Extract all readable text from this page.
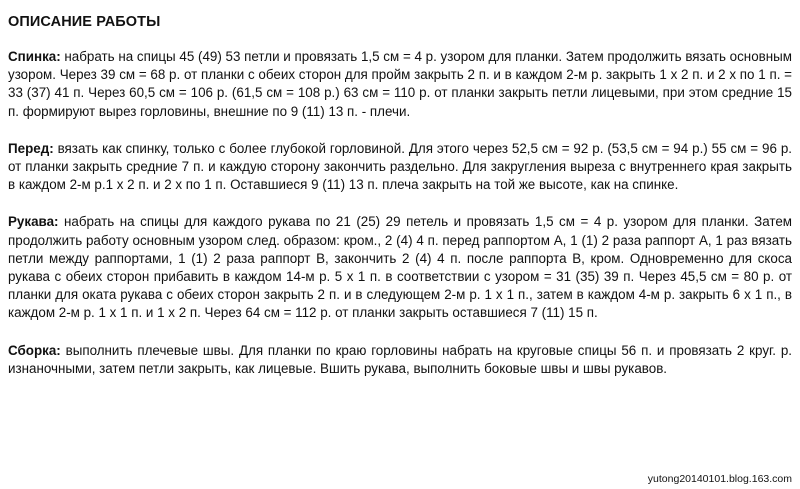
ОПИСАНИЕ РАБОТЫ

Спинка: набрать на спицы 45 (49) 53 петли и провязать 1,5 см = 4 р. узором для планки. Затем продолжить вязать основным узором. Через 39 см = 68 р. от планки с обеих сторон для пройм закрыть 2 п. и в каждом 2-м р. закрыть 1 х 2 п. и 2 х по 1 п. = 33 (37) 41 п. Через 60,5 см = 106 р. (61,5 см = 108 р.) 63 см = 110 р. от планки закрыть петли лицевыми, при этом средние 15 п. формируют вырез горловины, внешние по 9 (11) 13 п. - плечи.

Перед: вязать как спинку, только с более глубокой горловиной. Для этого через 52,5 см = 92 р. (53,5 см = 94 р.) 55 см = 96 р. от планки закрыть средние 7 п. и каждую сторону закончить раздельно. Для закругления выреза с внутреннего края закрыть в каждом 2-м р.1 х 2 п. и 2 х по 1 п. Оставшиеся 9 (11) 13 п. плеча закрыть на той же высоте, как на спинке.

Рукава: набрать на спицы для каждого рукава по 21 (25) 29 петель и провязать 1,5 см = 4 р. узором для планки. Затем продолжить работу основным узором след. образом: кром., 2 (4) 4 п. перед раппортом А, 1 (1) 2 раза раппорт А, 1 раз вязать петли между раппортами, 1 (1) 2 раза раппорт В, закончить 2 (4) 4 п. после раппорта В, кром. Одновременно для скоса рукава с обеих сторон прибавить в каждом 14-м р. 5 х 1 п. в соответствии с узором = 31 (35) 39 п. Через 45,5 см = 80 р. от планки для оката рукава с обеих сторон закрыть 2 п. и в следующем 2-м р. 1 х 1 п., затем в каждом 4-м р. закрыть 6 х 1 п., в каждом 2-м р. 1 х 1 п. и 1 х 2 п. Через 64 см = 112 р. от планки закрыть оставшиеся 7 (11) 15 п.

Сборка: выполнить плечевые швы. Для планки по краю горловины набрать на круговые спицы 56 п. и провязать 2 круг. р. изнаночными, затем петли закрыть, как лицевые. Вшить рукава, выполнить боковые швы и швы рукавов.

yutong20140101.blog.163.com
